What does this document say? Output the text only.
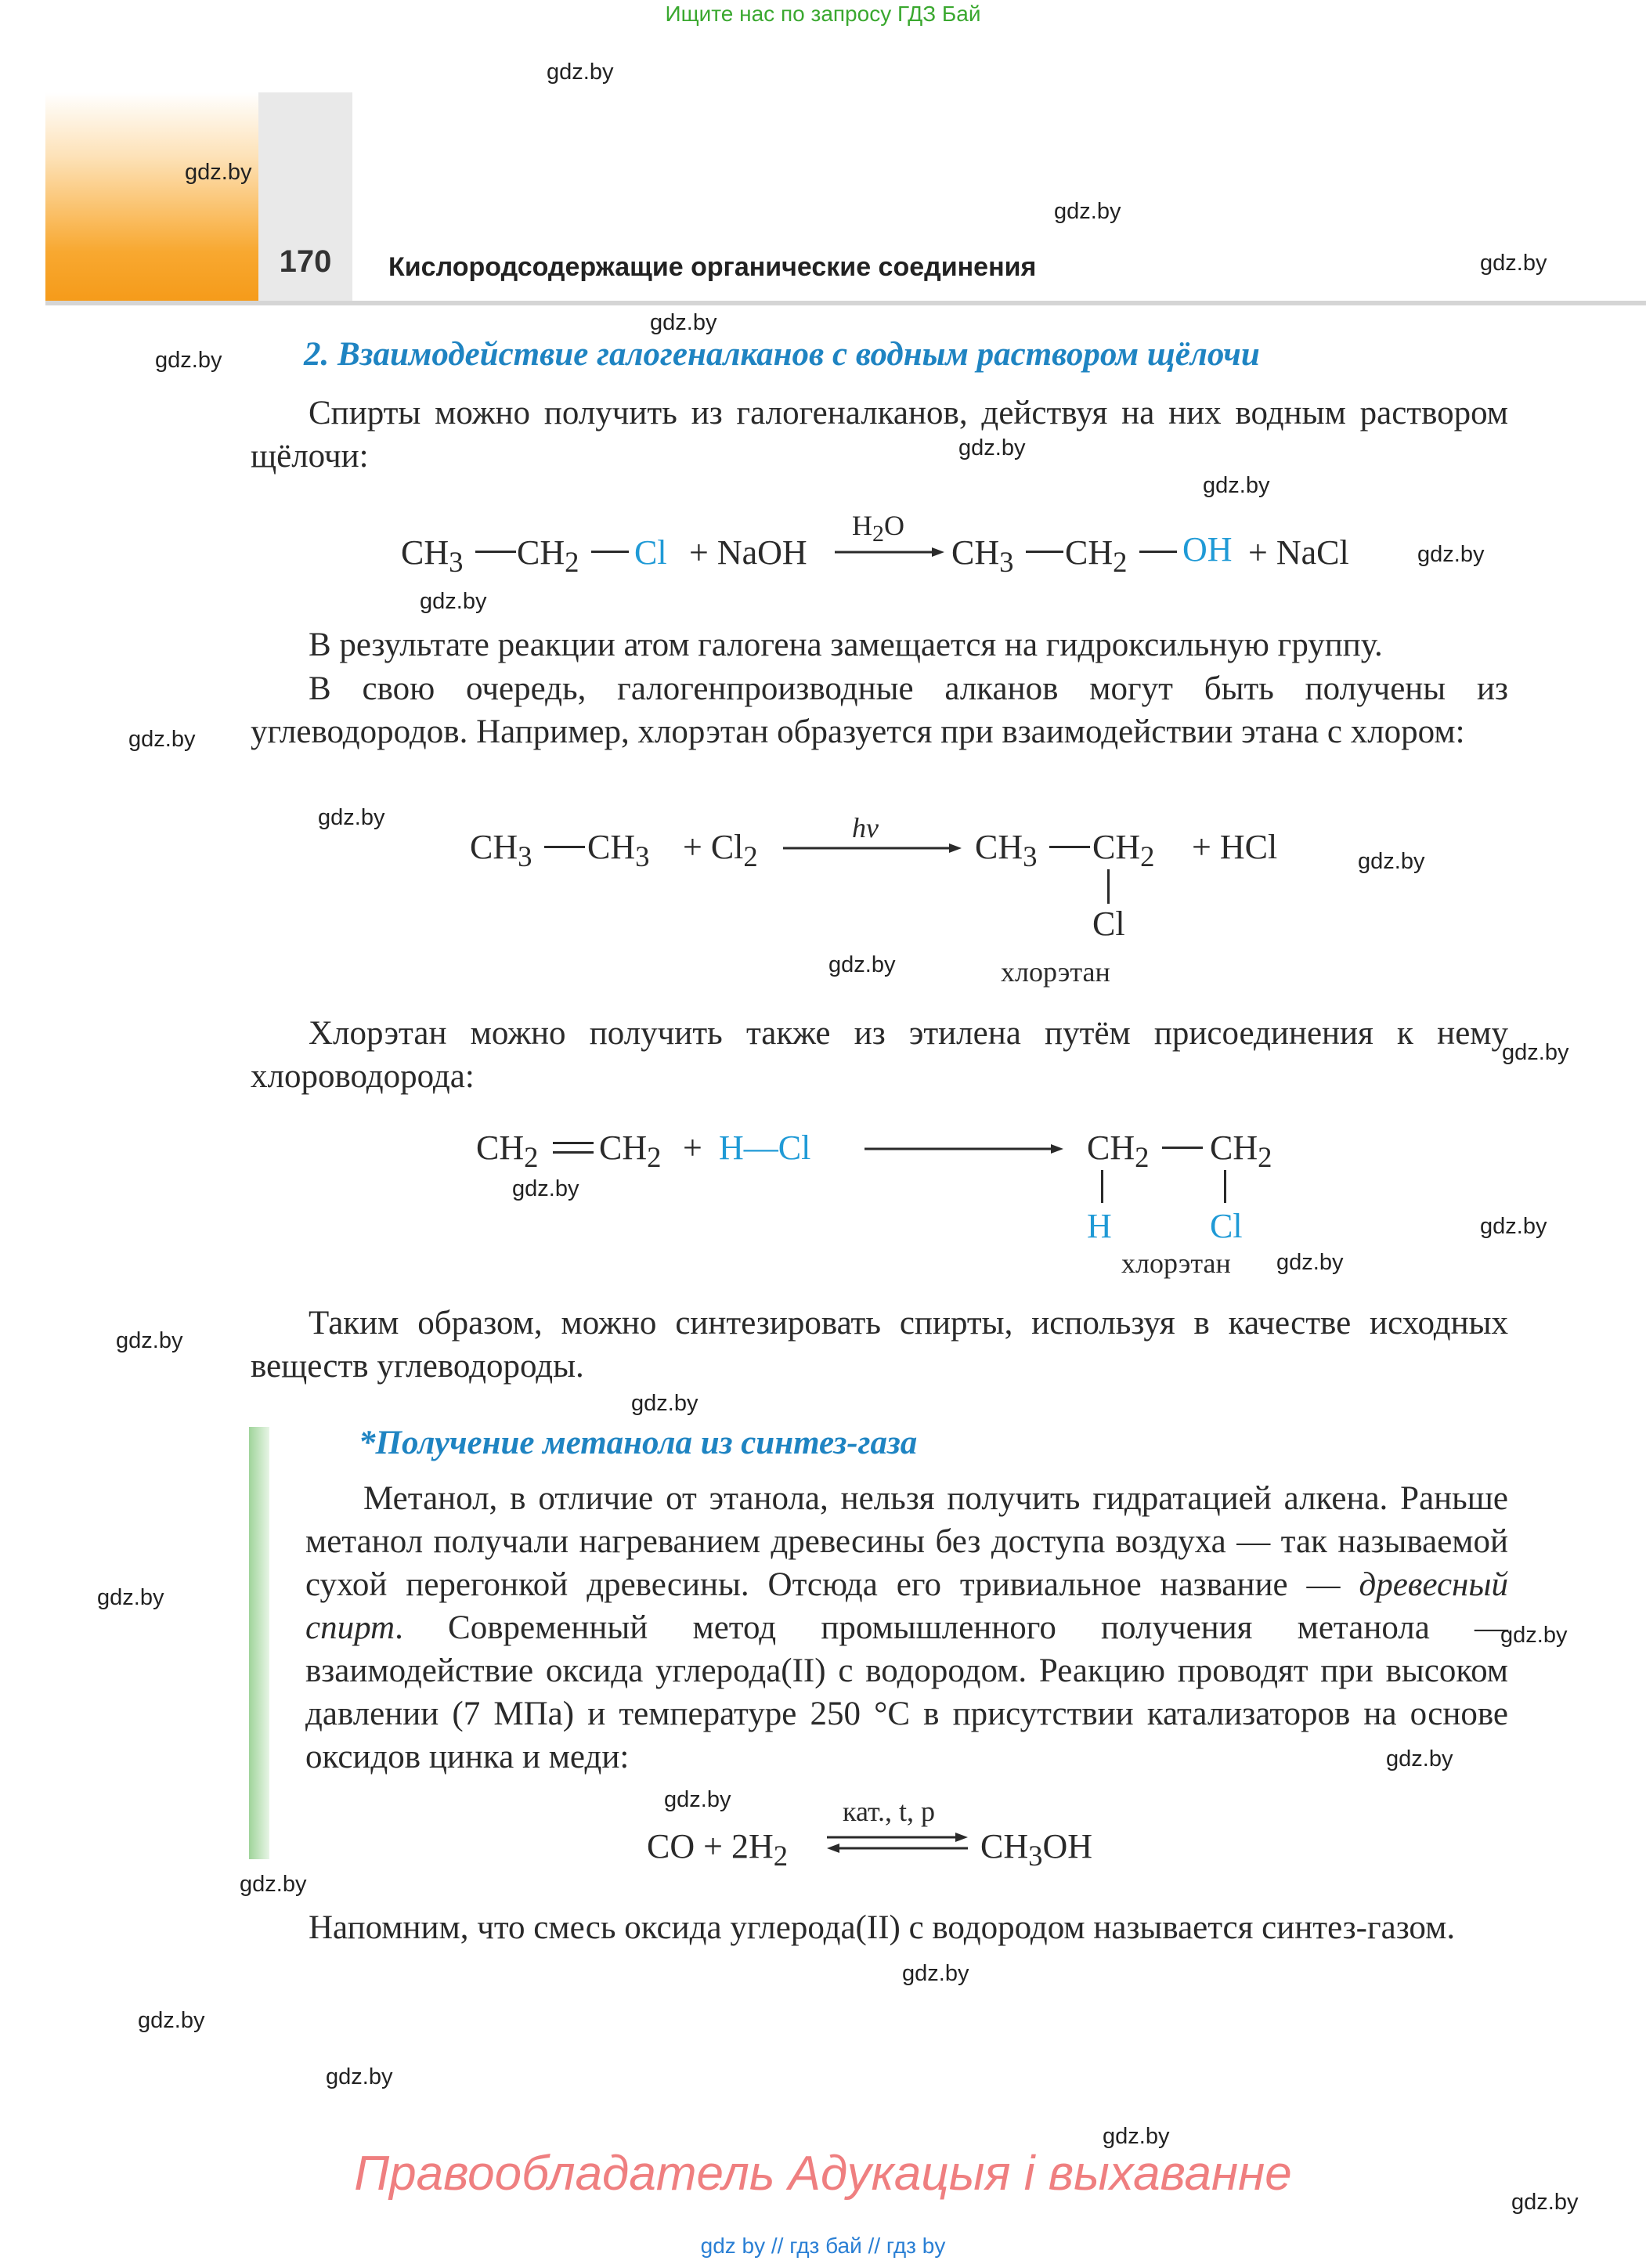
Ищите нас по запросу ГДЗ Бай
170	Кислородсодержащие органические соединения
2. Взаимодействие галогеналканов с водным раствором щёлочи
Спирты можно получить из галогеналканов, действуя на них водным раствором щёлочи:
$CH_3$ $CH_2$ Cl + NaOH
$H_2O$
$CH_3$ $CH_2$ OH + NaCl
В результате реакции атом галогена замещается на гидроксильную группу.
В свою очередь, галогенпроизводные алканов могут быть получены из углеводородов. Например, хлорэтан образуется при взаимодействии этана с хлором:
$CH_3$ $CH_3 + Cl_2$
hν	$CH_3$ $CH_2$ + HCl
Cl
хлорэтан
Хлорэтан можно получить также из этилена путём присоединения к нему хлороводорода:
$CH_2$ $CH_2$ + H—Cl	$CH_2$ $CH_2$
H	Cl
хлорэтан
Таким образом, можно синтезировать спирты, используя в качестве исходных веществ углеводороды.
*Получение метанола из синтез-газа

Метанол, в отличие от этанола, нельзя получить гидратацией алкена. Раньше метанол получали нагреванием древесины без доступа воздуха — так называемой сухой перегонкой древесины. Отсюда его тривиальное название — древесный спирт. Современный метод промышленного получения метанола — взаимодействие оксида углерода(II) с водородом. Реакцию проводят при высоком давлении (7 МПа) и температуре 250 °C в присутствии катализаторов на основе оксидов цинка и меди:

CO + $2H_2$
кат., t, p
$CH_3OH$
Напомним, что смесь оксида углерода(II) с водородом называется синтез-газом.
gdz.by
gdz.by
gdz.by
gdz.by
gdz.by
gdz.by
gdz.by
gdz.by
gdz.by
gdz.by
gdz.by
gdz.by
gdz.by
gdz.by
gdz.by
gdz.by
gdz.by
gdz.by
gdz.by
gdz.by
gdz.by
gdz.by
gdz.by
gdz.by
gdz.by
gdz.by
gdz.by
gdz.by
gdz.by
gdz.by
Правообладатель Адукацыя і выхаванне
gdz by // гдз бай // гдз by
